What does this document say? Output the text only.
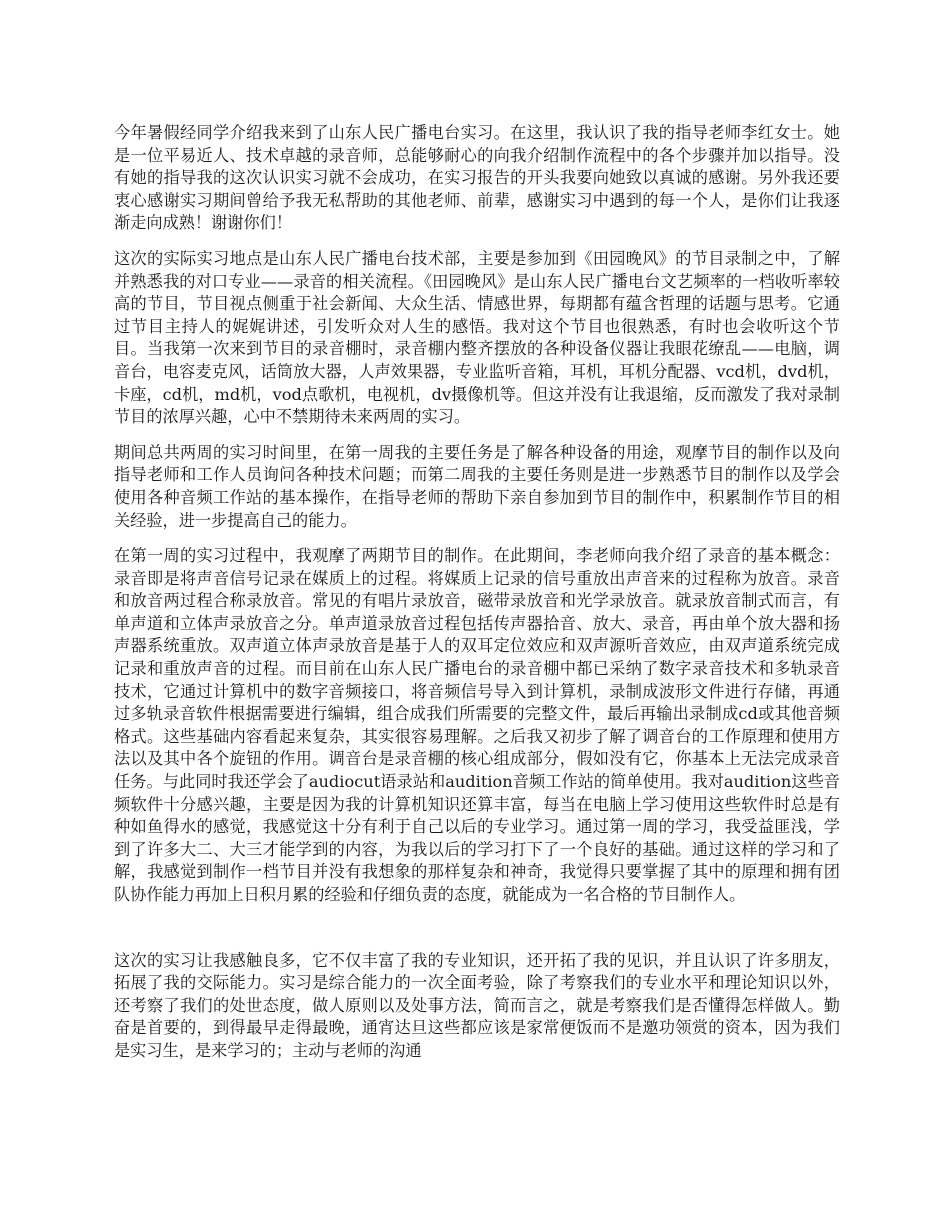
今年暑假经同学介绍我来到了山东人民广播电台实习。在这里，我认识了我的指导老师李红女士。她是一位平易近人、技术卓越的录音师，总能够耐心的向我介绍制作流程中的各个步骤并加以指导。没有她的指导我的这次认识实习就不会成功，在实习报告的开头我要向她致以真诚的感谢。另外我还要衷心感谢实习期间曾给予我无私帮助的其他老师、前辈，感谢实习中遇到的每一个人，是你们让我逐渐走向成熟！谢谢你们！

这次的实际实习地点是山东人民广播电台技术部，主要是参加到《田园晚风》的节目录制之中，了解并熟悉我的对口专业——录音的相关流程。《田园晚风》是山东人民广播电台文艺频率的一档收听率较高的节目，节目视点侧重于社会新闻、大众生活、情感世界，每期都有蕴含哲理的话题与思考。它通过节目主持人的娓娓讲述，引发听众对人生的感悟。我对这个节目也很熟悉，有时也会收听这个节目。当我第一次来到节目的录音棚时，录音棚内整齐摆放的各种设备仪器让我眼花缭乱——电脑，调音台，电容麦克风，话筒放大器，人声效果器，专业监听音箱，耳机，耳机分配器、vcd机，dvd机，卡座，cd机，md机，vod点歌机，电视机，dv摄像机等。但这并没有让我退缩，反而激发了我对录制节目的浓厚兴趣，心中不禁期待未来两周的实习。

期间总共两周的实习时间里，在第一周我的主要任务是了解各种设备的用途，观摩节目的制作以及向指导老师和工作人员询问各种技术问题；而第二周我的主要任务则是进一步熟悉节目的制作以及学会使用各种音频工作站的基本操作，在指导老师的帮助下亲自参加到节目的制作中，积累制作节目的相关经验，进一步提高自己的能力。

在第一周的实习过程中，我观摩了两期节目的制作。在此期间，李老师向我介绍了录音的基本概念：录音即是将声音信号记录在媒质上的过程。将媒质上记录的信号重放出声音来的过程称为放音。录音和放音两过程合称录放音。常见的有唱片录放音，磁带录放音和光学录放音。就录放音制式而言，有单声道和立体声录放音之分。单声道录放音过程包括传声器拾音、放大、录音，再由单个放大器和扬声器系统重放。双声道立体声录放音是基于人的双耳定位效应和双声源听音效应，由双声道系统完成记录和重放声音的过程。而目前在山东人民广播电台的录音棚中都已采纳了数字录音技术和多轨录音技术，它通过计算机中的数字音频接口，将音频信号导入到计算机，录制成波形文件进行存储，再通过多轨录音软件根据需要进行编辑，组合成我们所需要的完整文件，最后再输出录制成cd或其他音频格式。这些基础内容看起来复杂，其实很容易理解。之后我又初步了解了调音台的工作原理和使用方法以及其中各个旋钮的作用。调音台是录音棚的核心组成部分，假如没有它，你基本上无法完成录音任务。与此同时我还学会了audiocut语录站和audition音频工作站的简单使用。我对audition这些音频软件十分感兴趣，主要是因为我的计算机知识还算丰富，每当在电脑上学习使用这些软件时总是有种如鱼得水的感觉，我感觉这十分有利于自己以后的专业学习。通过第一周的学习，我受益匪浅，学到了许多大二、大三才能学到的内容，为我以后的学习打下了一个良好的基础。通过这样的学习和了解，我感觉到制作一档节目并没有我想象的那样复杂和神奇，我觉得只要掌握了其中的原理和拥有团队协作能力再加上日积月累的经验和仔细负责的态度，就能成为一名合格的节目制作人。

这次的实习让我感触良多，它不仅丰富了我的专业知识，还开拓了我的见识，并且认识了许多朋友，拓展了我的交际能力。实习是综合能力的一次全面考验，除了考察我们的专业水平和理论知识以外，还考察了我们的处世态度，做人原则以及处事方法，简而言之，就是考察我们是否懂得怎样做人。勤奋是首要的，到得最早走得最晚，通宵达旦这些都应该是家常便饭而不是邀功领赏的资本，因为我们是实习生，是来学习的；主动与老师的沟通
